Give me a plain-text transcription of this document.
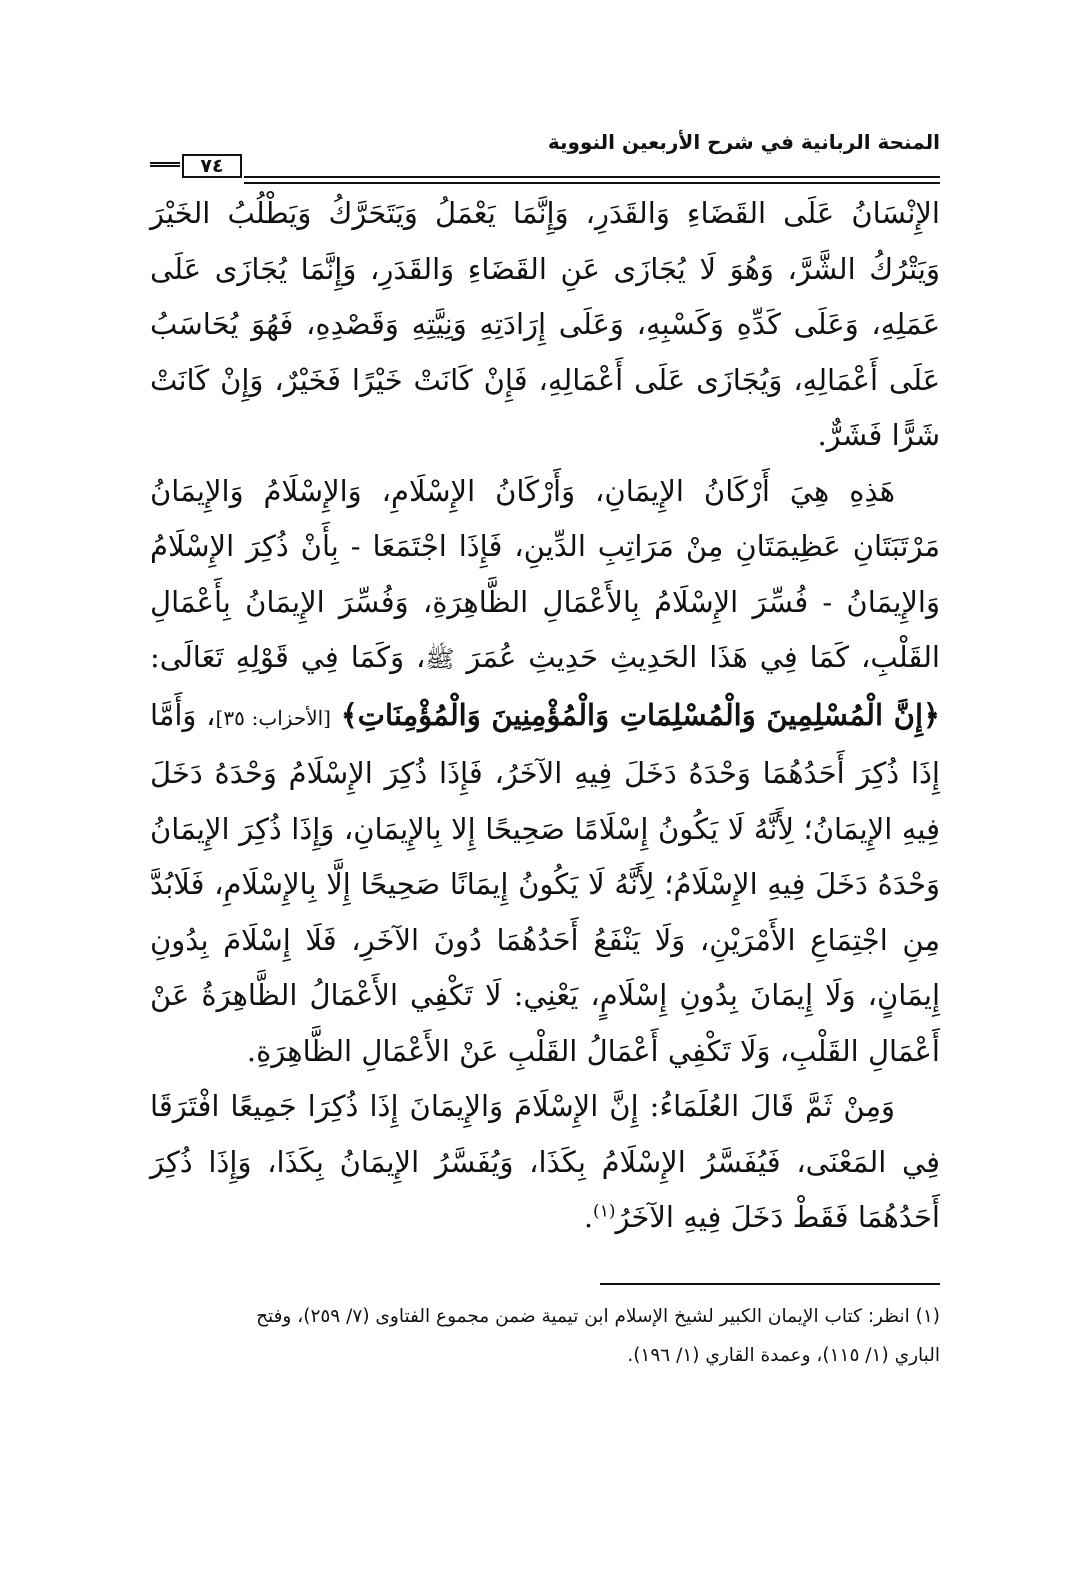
المنحة الربانية في شرح الأربعين النووية
٧٤

الإِنْسَانُ عَلَى القَضَاءِ وَالقَدَرِ، وَإِنَّمَا يَعْمَلُ وَيَتَحَرَّكُ وَيَطْلُبُ الخَيْرَ وَيَتْرُكُ الشَّرَّ، وَهُوَ لَا يُجَازَى عَنِ القَضَاءِ وَالقَدَرِ، وَإِنَّمَا يُجَازَى عَلَى عَمَلِهِ، وَعَلَى كَدِّهِ وَكَسْبِهِ، وَعَلَى إِرَادَتِهِ وَنِيَّتِهِ وَقَصْدِهِ، فَهُوَ يُحَاسَبُ عَلَى أَعْمَالِهِ، وَيُجَازَى عَلَى أَعْمَالِهِ، فَإِنْ كَانَتْ خَيْرًا فَخَيْرٌ، وَإِنْ كَانَتْ شَرًّا فَشَرٌّ.

هَذِهِ هِيَ أَرْكَانُ الإِيمَانِ، وَأَرْكَانُ الإِسْلَامِ، وَالإِسْلَامُ وَالإِيمَانُ مَرْتَبَتَانِ عَظِيمَتَانِ مِنْ مَرَاتِبِ الدِّينِ، فَإِذَا اجْتَمَعَا - بِأَنْ ذُكِرَ الإِسْلَامُ وَالإِيمَانُ - فُسِّرَ الإِسْلَامُ بِالأَعْمَالِ الظَّاهِرَةِ، وَفُسِّرَ الإِيمَانُ بِأَعْمَالِ القَلْبِ، كَمَا فِي هَذَا الحَدِيثِ حَدِيثِ عُمَرَ ﷺ، وَكَمَا فِي قَوْلِهِ تَعَالَى: ﴿إِنَّ الْمُسْلِمِينَ وَالْمُسْلِمَاتِ وَالْمُؤْمِنِينَ وَالْمُؤْمِنَاتِ﴾ [الأحزاب: ٣٥]، وَأَمَّا إِذَا ذُكِرَ أَحَدُهُمَا وَحْدَهُ دَخَلَ فِيهِ الآخَرُ، فَإِذَا ذُكِرَ الإِسْلَامُ وَحْدَهُ دَخَلَ فِيهِ الإِيمَانُ؛ لِأَنَّهُ لَا يَكُونُ إِسْلَامًا صَحِيحًا إِلا بِالإِيمَانِ، وَإِذَا ذُكِرَ الإِيمَانُ وَحْدَهُ دَخَلَ فِيهِ الإِسْلَامُ؛ لِأَنَّهُ لَا يَكُونُ إِيمَانًا صَحِيحًا إِلَّا بِالإِسْلَامِ، فَلَابُدَّ مِنِ اجْتِمَاعِ الأَمْرَيْنِ، وَلَا يَنْفَعُ أَحَدُهُمَا دُونَ الآخَرِ، فَلَا إِسْلَامَ بِدُونِ إِيمَانٍ، وَلَا إِيمَانَ بِدُونِ إِسْلَامٍ، يَعْنِي: لَا تَكْفِي الأَعْمَالُ الظَّاهِرَةُ عَنْ أَعْمَالِ القَلْبِ، وَلَا تَكْفِي أَعْمَالُ القَلْبِ عَنْ الأَعْمَالِ الظَّاهِرَةِ.

وَمِنْ ثَمَّ قَالَ العُلَمَاءُ: إِنَّ الإِسْلَامَ وَالإِيمَانَ إِذَا ذُكِرَا جَمِيعًا افْتَرَقَا فِي المَعْنَى، فَيُفَسَّرُ الإِسْلَامُ بِكَذَا، وَيُفَسَّرُ الإِيمَانُ بِكَذَا، وَإِذَا ذُكِرَ أَحَدُهُمَا فَقَطْ دَخَلَ فِيهِ الآخَرُ$^{(١)}$.

(١) انظر: كتاب الإيمان الكبير لشيخ الإسلام ابن تيمية ضمن مجموع الفتاوى (٧/ ٢٥٩)، وفتح

الباري (١/ ١١٥)، وعمدة القاري (١/ ١٩٦).
